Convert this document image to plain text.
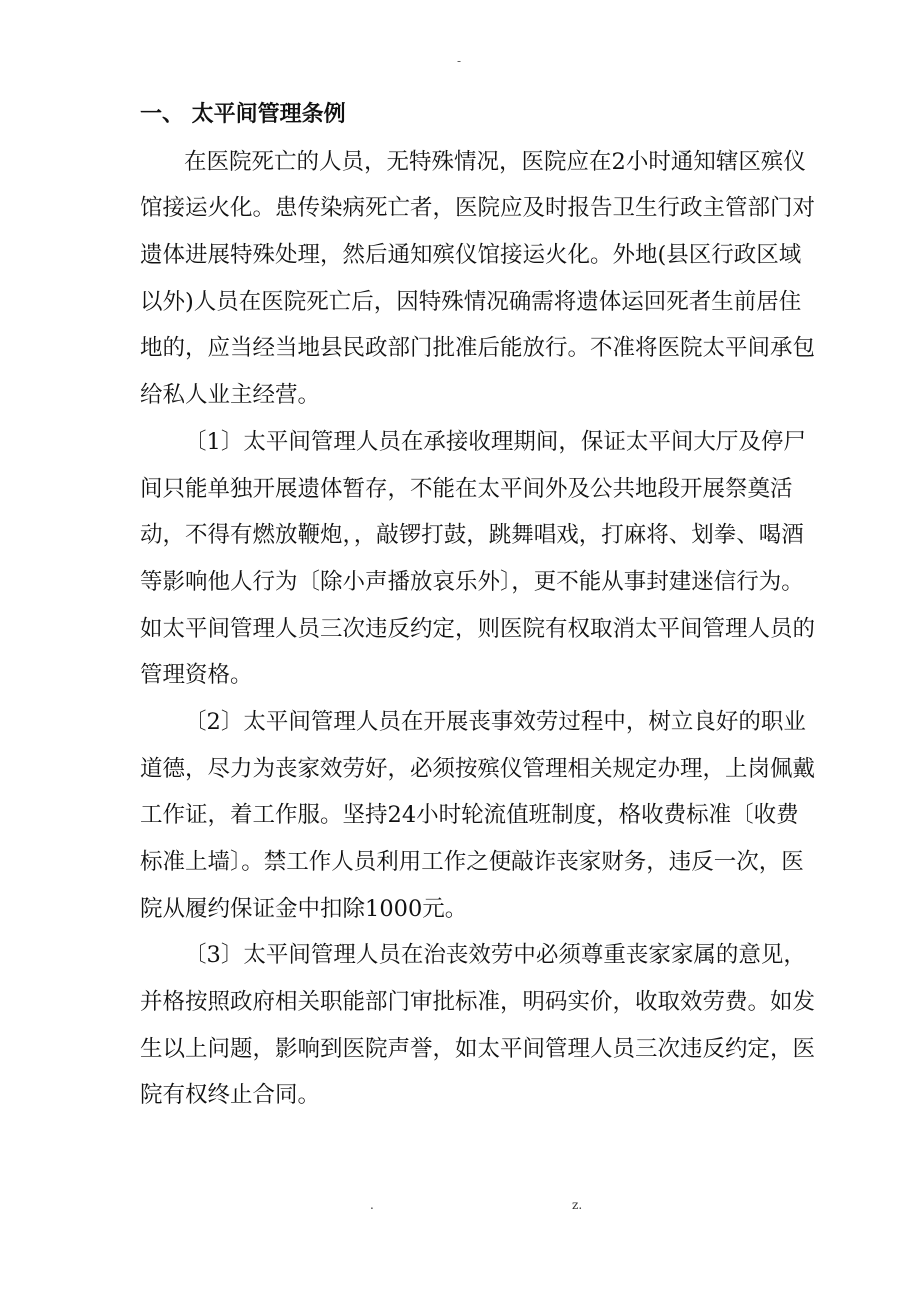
-
一、 太平间管理条例
在医院死亡的人员，无特殊情况，医院应在2小时通知辖区殡仪
馆接运火化。患传染病死亡者，医院应及时报告卫生行政主管部门对
遗体进展特殊处理，然后通知殡仪馆接运火化。外地(县区行政区域
以外)人员在医院死亡后，因特殊情况确需将遗体运回死者生前居住
地的，应当经当地县民政部门批准后能放行。不准将医院太平间承包
给私人业主经营。
〔1〕太平间管理人员在承接收理期间，保证太平间大厅及停尸
间只能单独开展遗体暂存，不能在太平间外及公共地段开展祭奠活
动，不得有燃放鞭炮，，敲锣打鼓，跳舞唱戏，打麻将、划拳、喝酒
等影响他人行为〔除小声播放哀乐外〕，更不能从事封建迷信行为。
如太平间管理人员三次违反约定，则医院有权取消太平间管理人员的
管理资格。
〔2〕太平间管理人员在开展丧事效劳过程中，树立良好的职业
道德，尽力为丧家效劳好，必须按殡仪管理相关规定办理，上岗佩戴
工作证，着工作服。坚持24小时轮流值班制度，格收费标准〔收费
标准上墙〕。禁工作人员利用工作之便敲诈丧家财务，违反一次，医
院从履约保证金中扣除1000元。
〔3〕太平间管理人员在治丧效劳中必须尊重丧家家属的意见，
并格按照政府相关职能部门审批标准，明码实价，收取效劳费。如发
生以上问题，影响到医院声誉，如太平间管理人员三次违反约定，医
院有权终止合同。
.	z.
